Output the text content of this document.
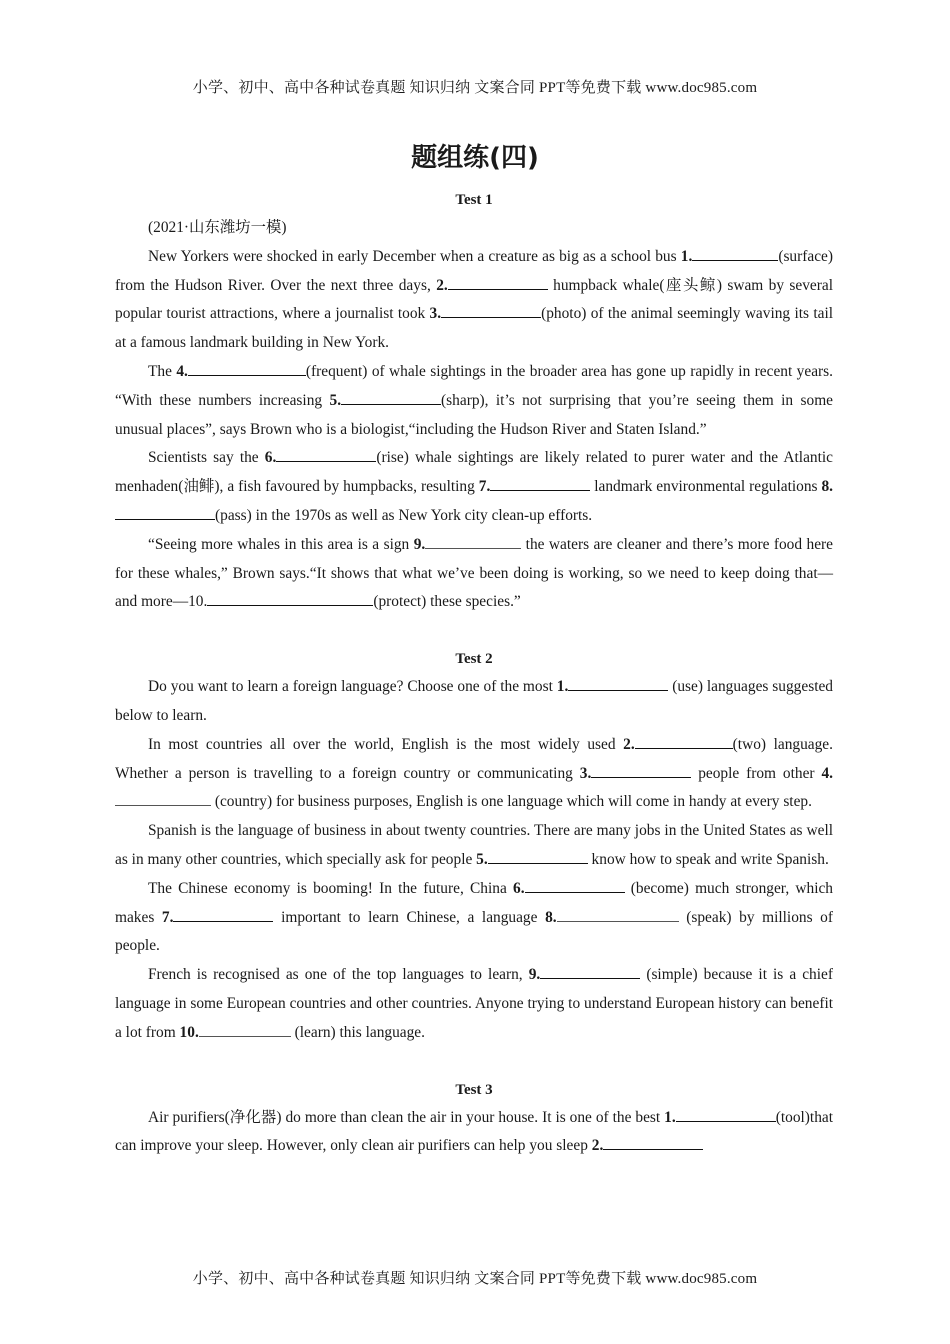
小学、初中、高中各种试卷真题 知识归纳 文案合同 PPT等免费下载 www.doc985.com
题组练(四)
Test 1

(2021·山东潍坊一模)

New Yorkers were shocked in early December when a creature as big as a school bus 1.	(surface) from the Hudson River. Over the next three days, 2.	humpback whale(座头鲸) swam by several popular tourist attractions, where a journalist took 3.	(photo) of the animal seemingly waving its tail at a famous landmark building in New York.

The 4.	(frequent) of whale sightings in the broader area has gone up rapidly in recent years. “With these numbers increasing 5.	(sharp), it’s not surprising that you’re seeing them in some unusual places”, says Brown who is a biologist,“including the Hudson River and Staten Island.”

Scientists say the 6.	(rise) whale sightings are likely related to purer water and the Atlantic menhaden(油鲱), a fish favoured by humpbacks, resulting 7.	landmark environmental regulations 8.(pass) in the 1970s as well as New York city clean-up efforts.

“Seeing more whales in this area is a sign 9.	the waters are cleaner and there’s more food here for these whales,” Brown says.“It shows that what we’ve been doing is working, so we need to keep doing that—and more—10.	(protect) these species.”

Test 2

Do you want to learn a foreign language? Choose one of the most 1.	(use) languages suggested below to learn.

In most countries all over the world, English is the most widely used 2.	(two) language. Whether a person is travelling to a foreign country or communicating 3.	people from other 4. (country) for business purposes, English is one language which will come in handy at every step.

Spanish is the language of business in about twenty countries. There are many jobs in the United States as well as in many other countries, which specially ask for people 5.	know how to speak and write Spanish.

The Chinese economy is booming! In the future, China 6.	(become) much stronger, which makes 7.	important to learn Chinese, a language 8.	(speak) by millions of people.

French is recognised as one of the top languages to learn, 9.	(simple) because it is a chief language in some European countries and other countries. Anyone trying to understand European history can benefit a lot from 10.	(learn) this language.

Test 3

Air purifiers(净化器) do more than clean the air in your house. It is one of the best 1.	(tool)that can improve your sleep. However, only clean air purifiers can help you sleep 2.

小学、初中、高中各种试卷真题 知识归纳 文案合同 PPT等免费下载 www.doc985.com
